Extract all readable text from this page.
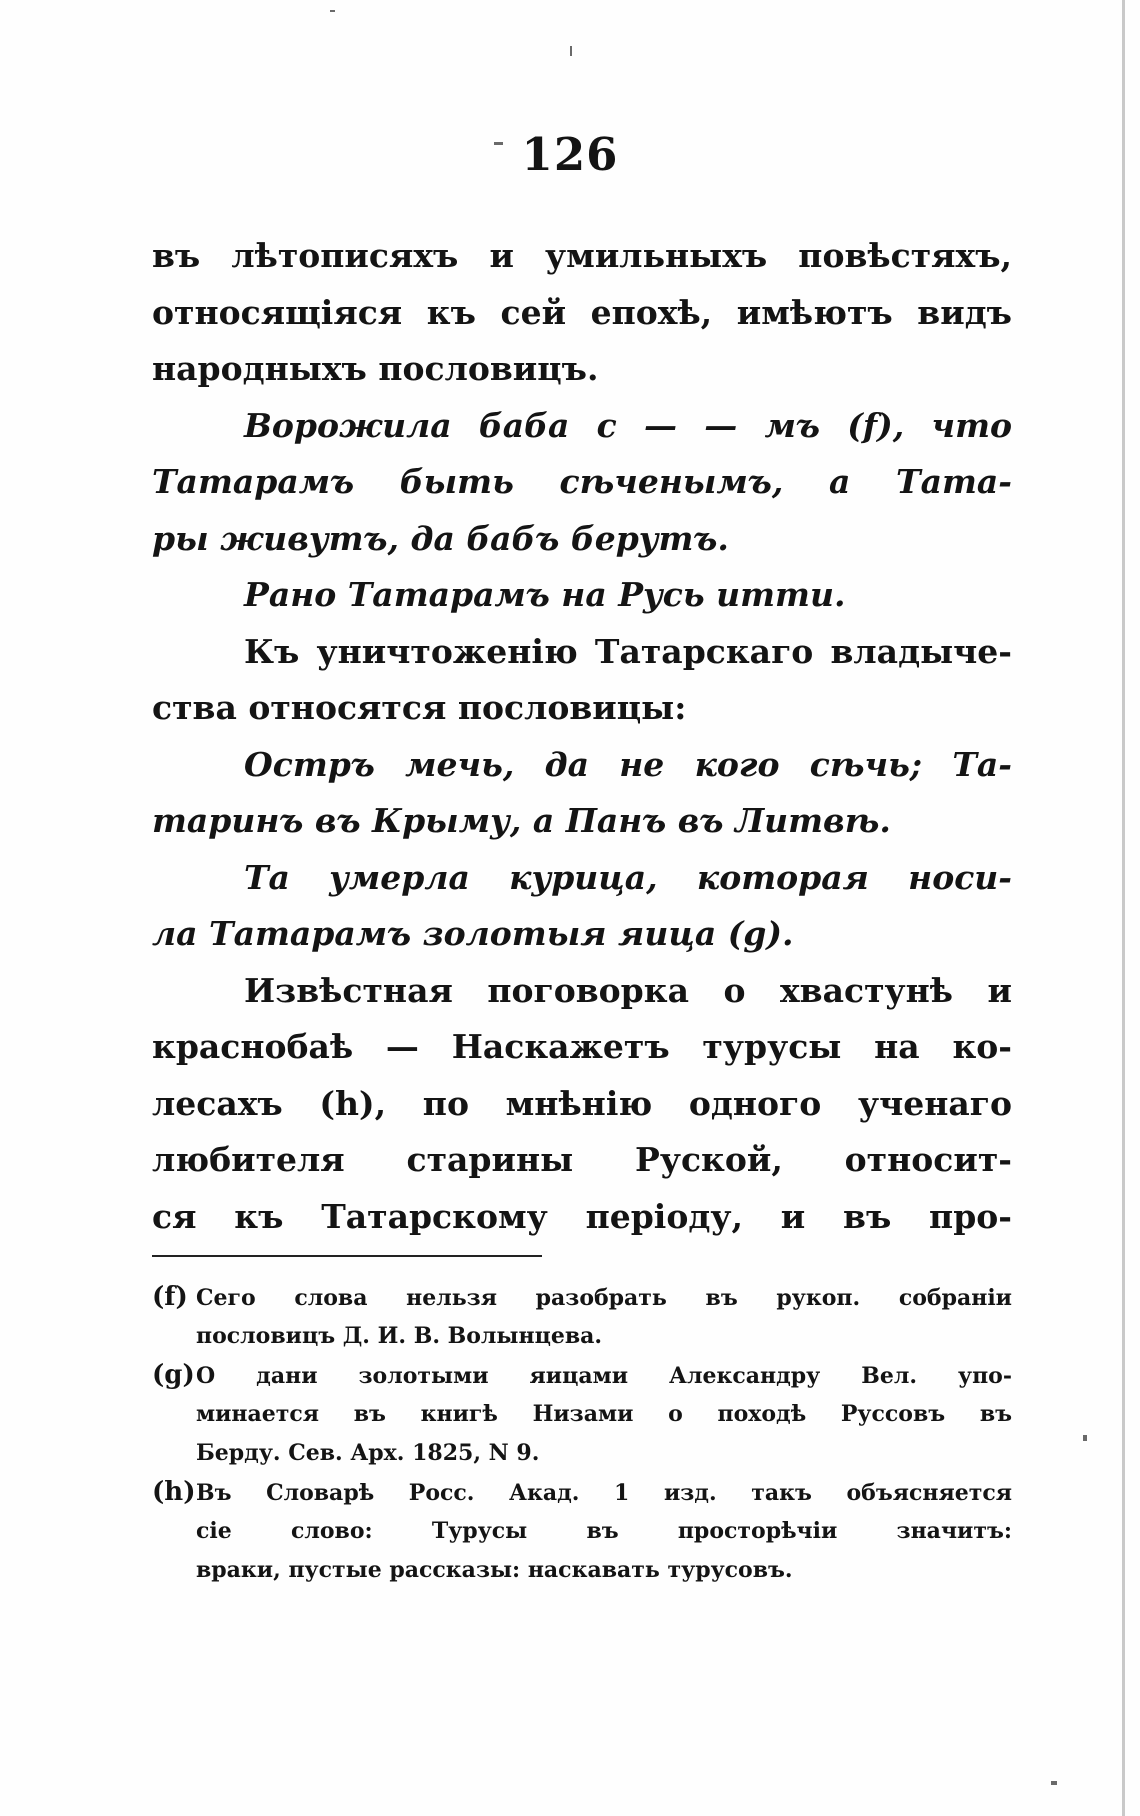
126
въ лѣтописяхъ и умильныхъ повѣстяхъ,
относящіяся къ сей епохѣ, имѣютъ видъ
народныхъ пословицъ.
Ворожила баба с — — мъ (f), что
Татарамъ быть сѣченымъ, а Тата-
ры живутъ, да бабъ берутъ.
Рано Татарамъ на Русь итти.
Къ уничтоженію Татарскаго владыче-
ства относятся пословицы:
Остръ мечь, да не кого сѣчь; Та-
таринъ въ Крыму, а Панъ въ Литвѣ.
Та умерла курица, которая носи-
ла Татарамъ золотыя яица (g).
Извѣстная поговорка о хвастунѣ и
краснобаѣ — Наскажетъ турусы на ко-
лесахъ (h), по мнѣнію одного ученаго
любителя старины Руской, относит-
ся къ Татарскому періоду, и въ про-
(f) Сего слова нельзя разобрать въ рукоп. собраніи
пословицъ Д. И. В. Волынцева.
(g)О дани золотыми яицами Александру Вел. упо-
минается въ книгѣ Низами о походѣ Руссовъ въ
Берду. Сев. Арх. 1825, N 9.
(h)Въ Словарѣ Росс. Акад. 1 изд. такъ объясняется
сіе слово: Турусы въ просторѣчіи значитъ:
враки, пустые рассказы: наскавать турусовъ.
